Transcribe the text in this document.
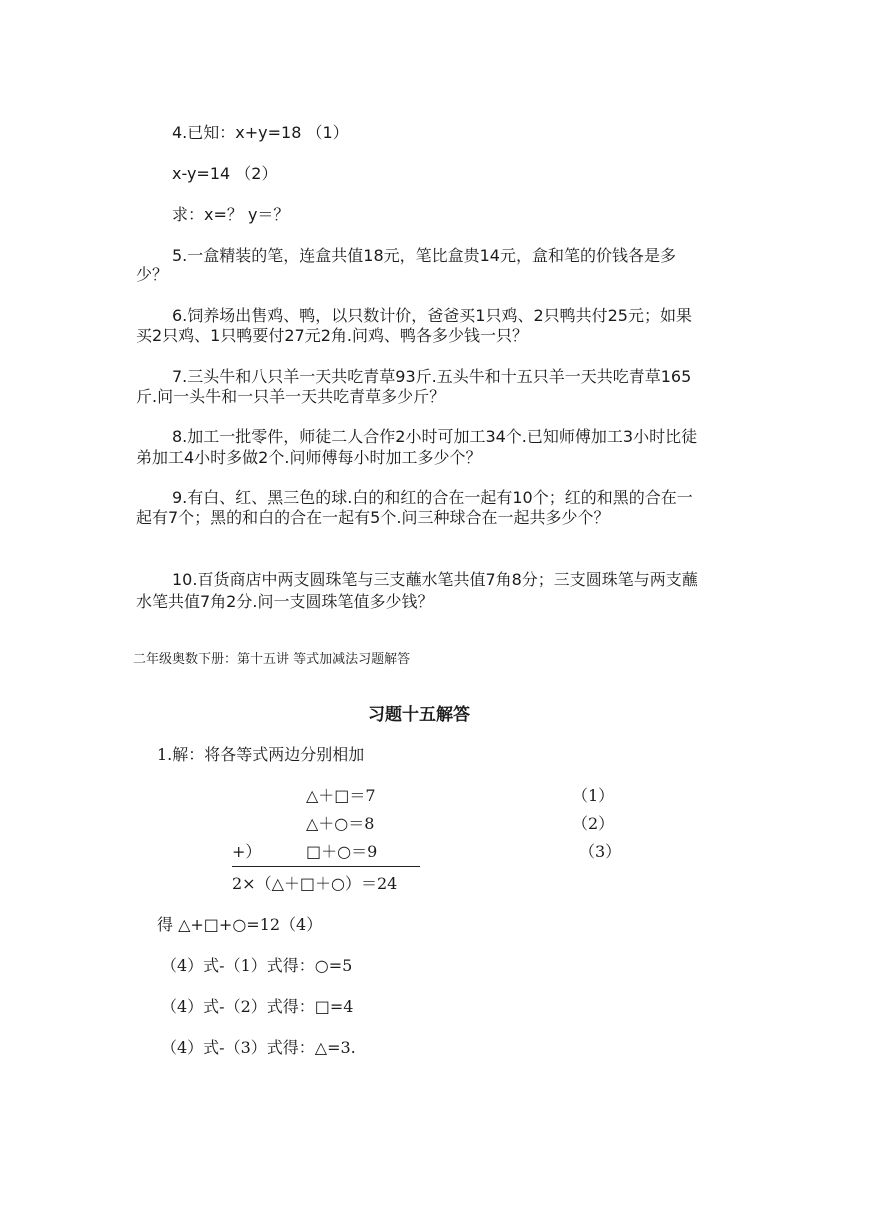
4.已知：x+y=18 （1）
x-y=14 （2）
求：x=？ y＝？
5.一盒精装的笔，连盒共值18元，笔比盒贵14元，盒和笔的价钱各是多
少？
6.饲养场出售鸡、鸭，以只数计价，爸爸买1只鸡、2只鸭共付25元；如果
买2只鸡、1只鸭要付27元2角.问鸡、鸭各多少钱一只？
7.三头牛和八只羊一天共吃青草93斤.五头牛和十五只羊一天共吃青草165
斤.问一头牛和一只羊一天共吃青草多少斤？
8.加工一批零件，师徒二人合作2小时可加工34个.已知师傅加工3小时比徒
弟加工4小时多做2个.问师傅每小时加工多少个？
9.有白、红、黑三色的球.白的和红的合在一起有10个；红的和黑的合在一
起有7个；黑的和白的合在一起有5个.问三种球合在一起共多少个？
10.百货商店中两支圆珠笔与三支蘸水笔共值7角8分；三支圆珠笔与两支蘸
水笔共值7角2分.问一支圆珠笔值多少钱？
二年级奥数下册：第十五讲 等式加减法习题解答
习题十五解答
1.解：将各等式两边分别相加
△＋□＝7	（1）
△＋○＝8	（2）
+）	□＋○＝9	（3）
2×（△＋□＋○）＝24
得 △+□+○=12（4）
（4）式-（1）式得：○=5
（4）式-（2）式得：□=4
（4）式-（3）式得：△=3.
